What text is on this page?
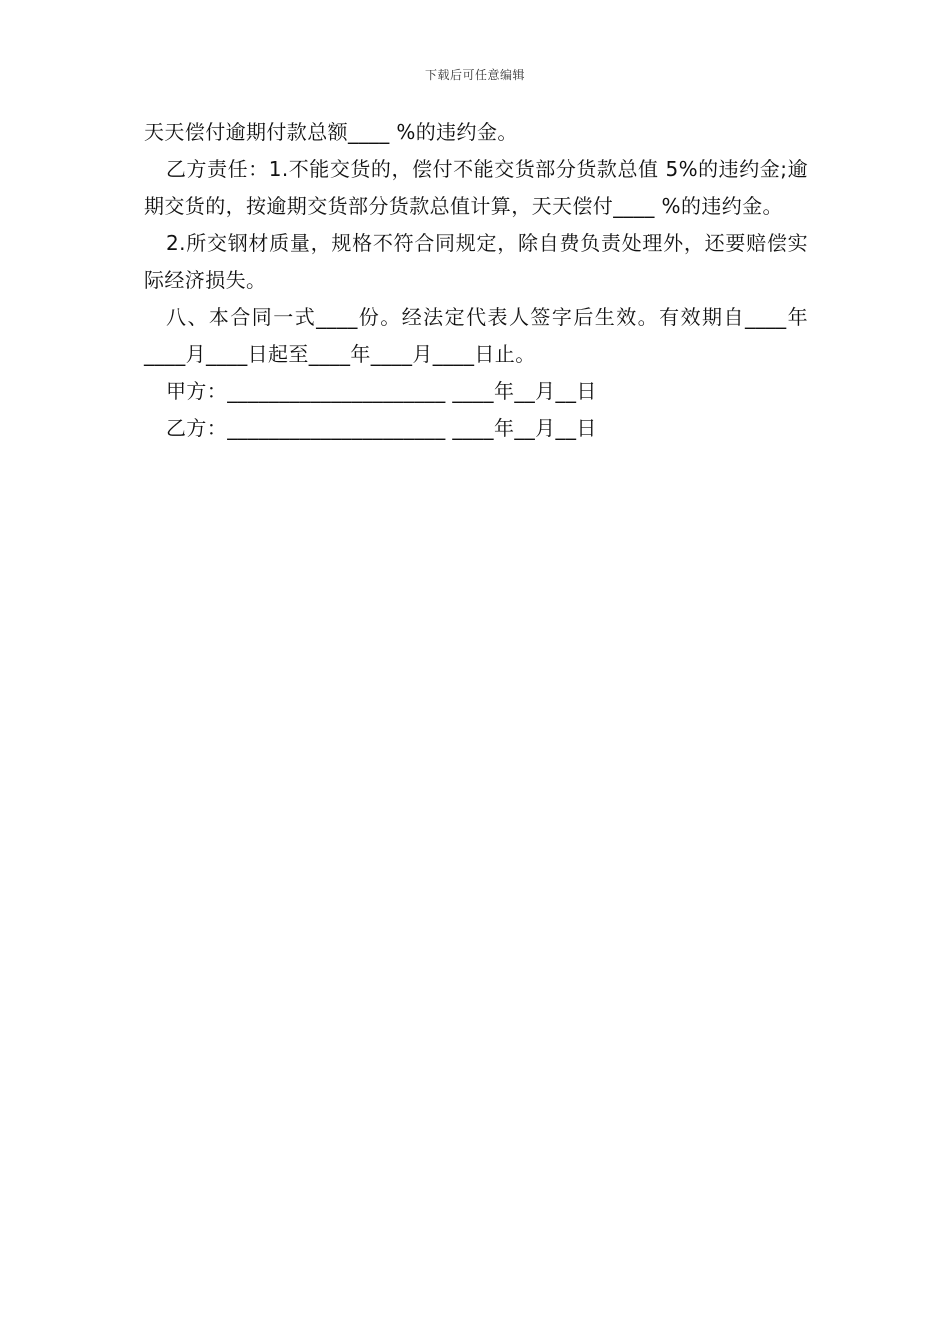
下载后可任意编辑

天天偿付逾期付款总额____ %的违约金。

乙方责任：1.不能交货的，偿付不能交货部分货款总值 5%的违约金;逾期交货的，按逾期交货部分货款总值计算，天天偿付____ %的违约金。

2.所交钢材质量，规格不符合同规定，除自费负责处理外，还要赔偿实际经济损失。

八、本合同一式____份。经法定代表人签字后生效。有效期自____年____月____日起至____年____月____日止。

甲方：_____________________ ____年__月__日

乙方：_____________________ ____年__月__日
